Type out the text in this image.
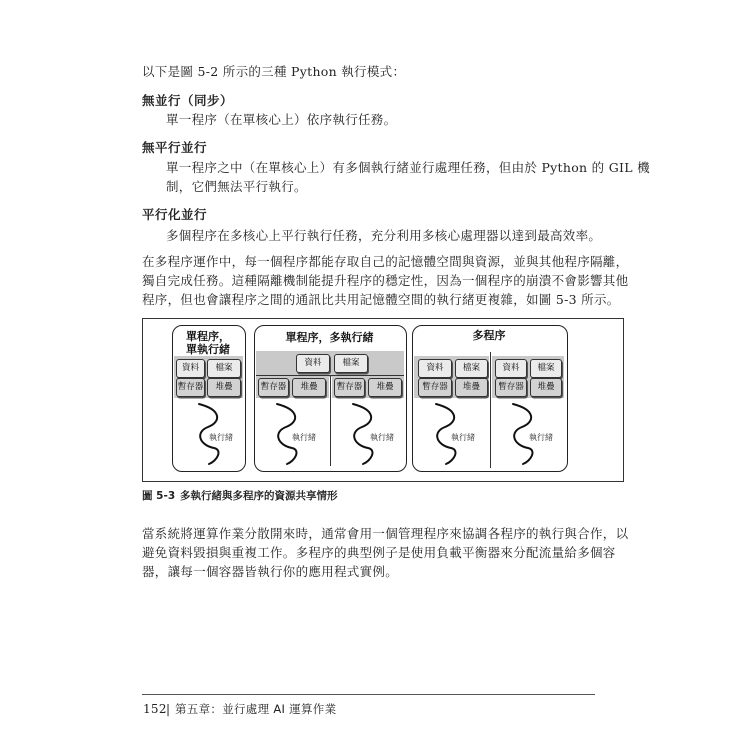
以下是圖 5-2 所示的三種 Python 執行模式：
無並行（同步）
單一程序（在單核心上）依序執行任務。
無平行並行
單一程序之中（在單核心上）有多個執行緒並行處理任務，但由於 Python 的 GIL 機
制，它們無法平行執行。
平行化並行
多個程序在多核心上平行執行任務，充分利用多核心處理器以達到最高效率。
在多程序運作中，每一個程序都能存取自己的記憶體空間與資源，並與其他程序隔離，
獨自完成任務。這種隔離機制能提升程序的穩定性，因為一個程序的崩潰不會影響其他
程序，但也會讓程序之間的通訊比共用記憶體空間的執行緒更複雜，如圖 5-3 所示。
單程序，
單執行緒
資料	檔案
暫存器	堆疊
執行緒
單程序，多執行緒
資料	檔案
暫存器	堆疊	暫存器	堆疊
執行緒	執行緒
多程序
資料	檔案
暫存器	堆疊
資料	檔案
暫存器	堆疊
執行緒	執行緒
圖 5-3 多執行緒與多程序的資源共享情形
當系統將運算作業分散開來時，通常會用一個管理程序來協調各程序的執行與合作，以
避免資料毀損與重複工作。多程序的典型例子是使用負載平衡器來分配流量給多個容
器，讓每一個容器皆執行你的應用程式實例。
152 | 第五章：並行處理 AI 運算作業
